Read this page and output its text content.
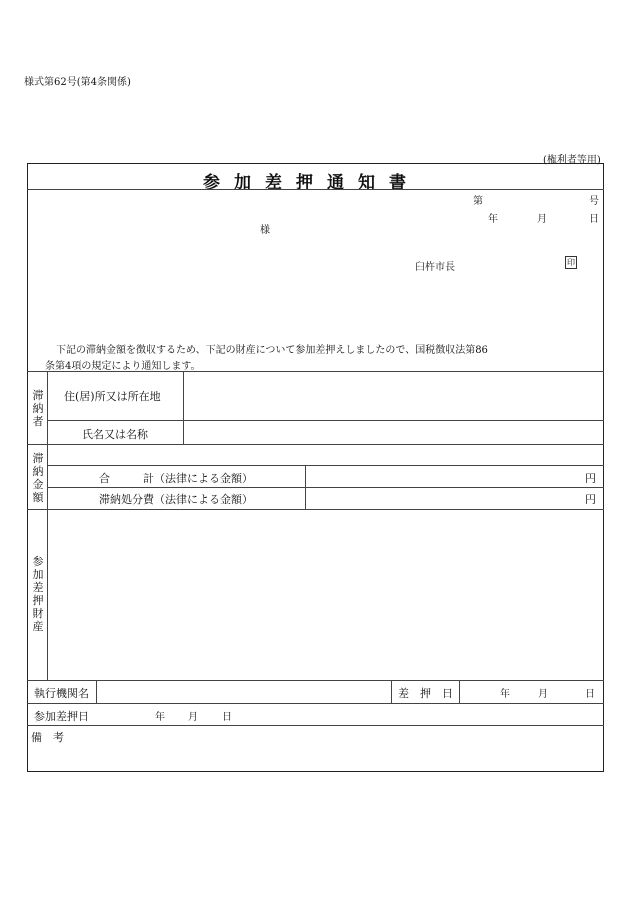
様式第62号(第4条関係)
(権利者等用)
参加差押通知書
第	号
年	月	日
様
臼杵市長	印
下記の滞納金額を徴収するため、下記の財産について参加差押えしましたので、国税徴収法第86
条第4項の規定により通知します。
滞納者
滞納金額
参加差押財産
住(居)所又は所在地
氏名又は名称
合　　　計（法律による金額）	円
滞納処分費（法律による金額）	円
執行機関名	差　押　日	年	月	日
参加差押日	年 月 日
備　考
